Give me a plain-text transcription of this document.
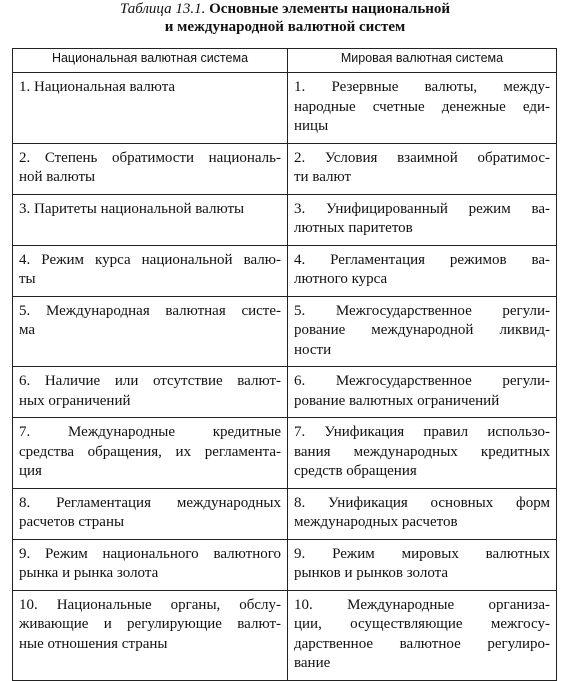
Таблица 13.1. Основные элементы национальной
и международной валютной систем
Национальная валютная система	Мировая валютная система

1. Национальная валюта	1. Резервные валюты, между-
народные счетные денежные еди-
ницы

2. Степень обратимости националь-
ной валюты	2. Условия взаимной обратимос-
ти валют

3. Паритеты национальной валюты	3. Унифицированный режим ва-
лютных паритетов

4. Режим курса национальной валю-
ты	4. Регламентация режимов ва-
лютного курса

5. Международная валютная систе-
ма	5. Межгосударственное регули-
рование международной ликвид-
ности

6. Наличие или отсутствие валют-
ных ограничений	6. Межгосударственное регули-
рование валютных ограничений

7. Международные кредитные
средства обращения, их регламента-
ция	7. Унификация правил использо-
вания международных кредитных
средств обращения

8. Регламентация международных
расчетов страны	8. Унификация основных форм
международных расчетов

9. Режим национального валютного
рынка и рынка золота	9. Режим мировых валютных
рынков и рынков золота

10. Национальные органы, обслу-
живающие и регулирующие валют-
ные отношения страны	10. Международные организа-
ции, осуществляющие межгосу-
дарственное валютное регулиро-
вание
